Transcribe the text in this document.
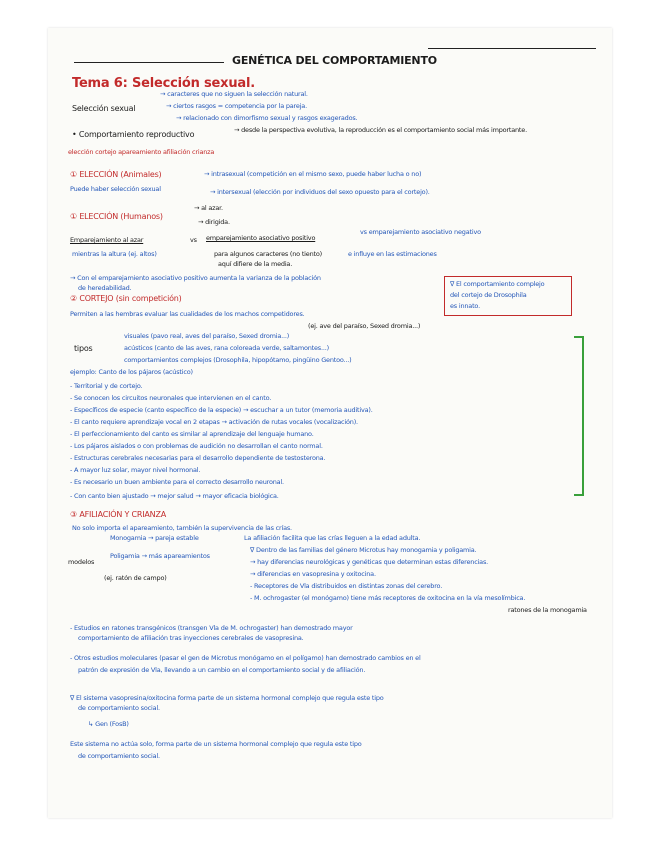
GENÉTICA DEL COMPORTAMIENTO
Tema 6: Selección sexual.
Selección sexual
→ caracteres que no siguen la selección natural.
→ ciertos rasgos = competencia por la pareja.
→ relacionado con dimorfismo sexual y rasgos exagerados.
• Comportamiento reproductivo	→ desde la perspectiva evolutiva, la reproducción es el comportamiento social más importante.
elección cortejo apareamiento afiliación crianza
① ELECCIÓN (Animales)
Puede haber selección sexual
→ intrasexual (competición en el mismo sexo, puede haber lucha o no)
→ intersexual (elección por individuos del sexo opuesto para el cortejo).
① ELECCIÓN (Humanos)
→ al azar.
→ dirigida.
Emparejamiento al azar	vs emparejamiento asociativo positivo
vs emparejamiento asociativo negativo
mientras la altura (ej. altos)	para algunos caracteres (no tiento)
aquí difiere de la media.
e influye en las estimaciones
→ Con el emparejamiento asociativo positivo aumenta la varianza de la población
de heredabilidad.	∇ El comportamiento complejo
del cortejo de Drosophila
es innato.
② CORTEJO (sin competición)
Permiten a las hembras evaluar las cualidades de los machos competidores.
(ej. ave del paraíso, Sexed dromia...)
tipos
visuales (pavo real, aves del paraíso, Sexed dromia...)
acústicos (canto de las aves, rana coloreada verde, saltamontes...)
comportamientos complejos (Drosophila, hipopótamo, pingüino Gentoo...)
ejemplo: Canto de los pájaros (acústico)
- Territorial y de cortejo.
- Se conocen los circuitos neuronales que intervienen en el canto.
- Específicos de especie (canto específico de la especie) → escuchar a un tutor (memoria auditiva).
- El canto requiere aprendizaje vocal en 2 etapas → activación de rutas vocales (vocalización).
- El perfeccionamiento del canto es similar al aprendizaje del lenguaje humano.
- Los pájaros aislados o con problemas de audición no desarrollan el canto normal.
- Estructuras cerebrales necesarias para el desarrollo dependiente de testosterona.
- A mayor luz solar, mayor nivel hormonal.
- Es necesario un buen ambiente para el correcto desarrollo neuronal.
- Con canto bien ajustado → mejor salud → mayor eficacia biológica.
③ AFILIACIÓN Y CRIANZA
No solo importa el apareamiento, también la supervivencia de las crías.
La afiliación facilita que las crías lleguen a la edad adulta.
modelos
Monogamia → pareja estable
Poligamia → más apareamientos
(ej. ratón de campo)
∇ Dentro de las familias del género Microtus hay monogamia y poligamia.
→ hay diferencias neurológicas y genéticas que determinan estas diferencias.
→ diferencias en vasopresina y oxitocina.
- Receptores de Vla distribuidos en distintas zonas del cerebro.
- M. ochrogaster (el monógamo) tiene más receptores de oxitocina en la vía mesolímbica.
ratones de la monogamia
- Estudios en ratones transgénicos (transgen Vla de M. ochrogaster) han demostrado mayor
comportamiento de afiliación tras inyecciones cerebrales de vasopresina.
- Otros estudios moleculares (pasar el gen de Microtus monógamo en el polígamo) han demostrado cambios en el
patrón de expresión de Vla, llevando a un cambio en el comportamiento social y de afiliación.
∇ El sistema vasopresina/oxitocina forma parte de un sistema hormonal complejo que regula este tipo
de comportamiento social.
↳ Gen (FosB)
Este sistema no actúa solo, forma parte de un sistema hormonal complejo que regula este tipo
de comportamiento social.
